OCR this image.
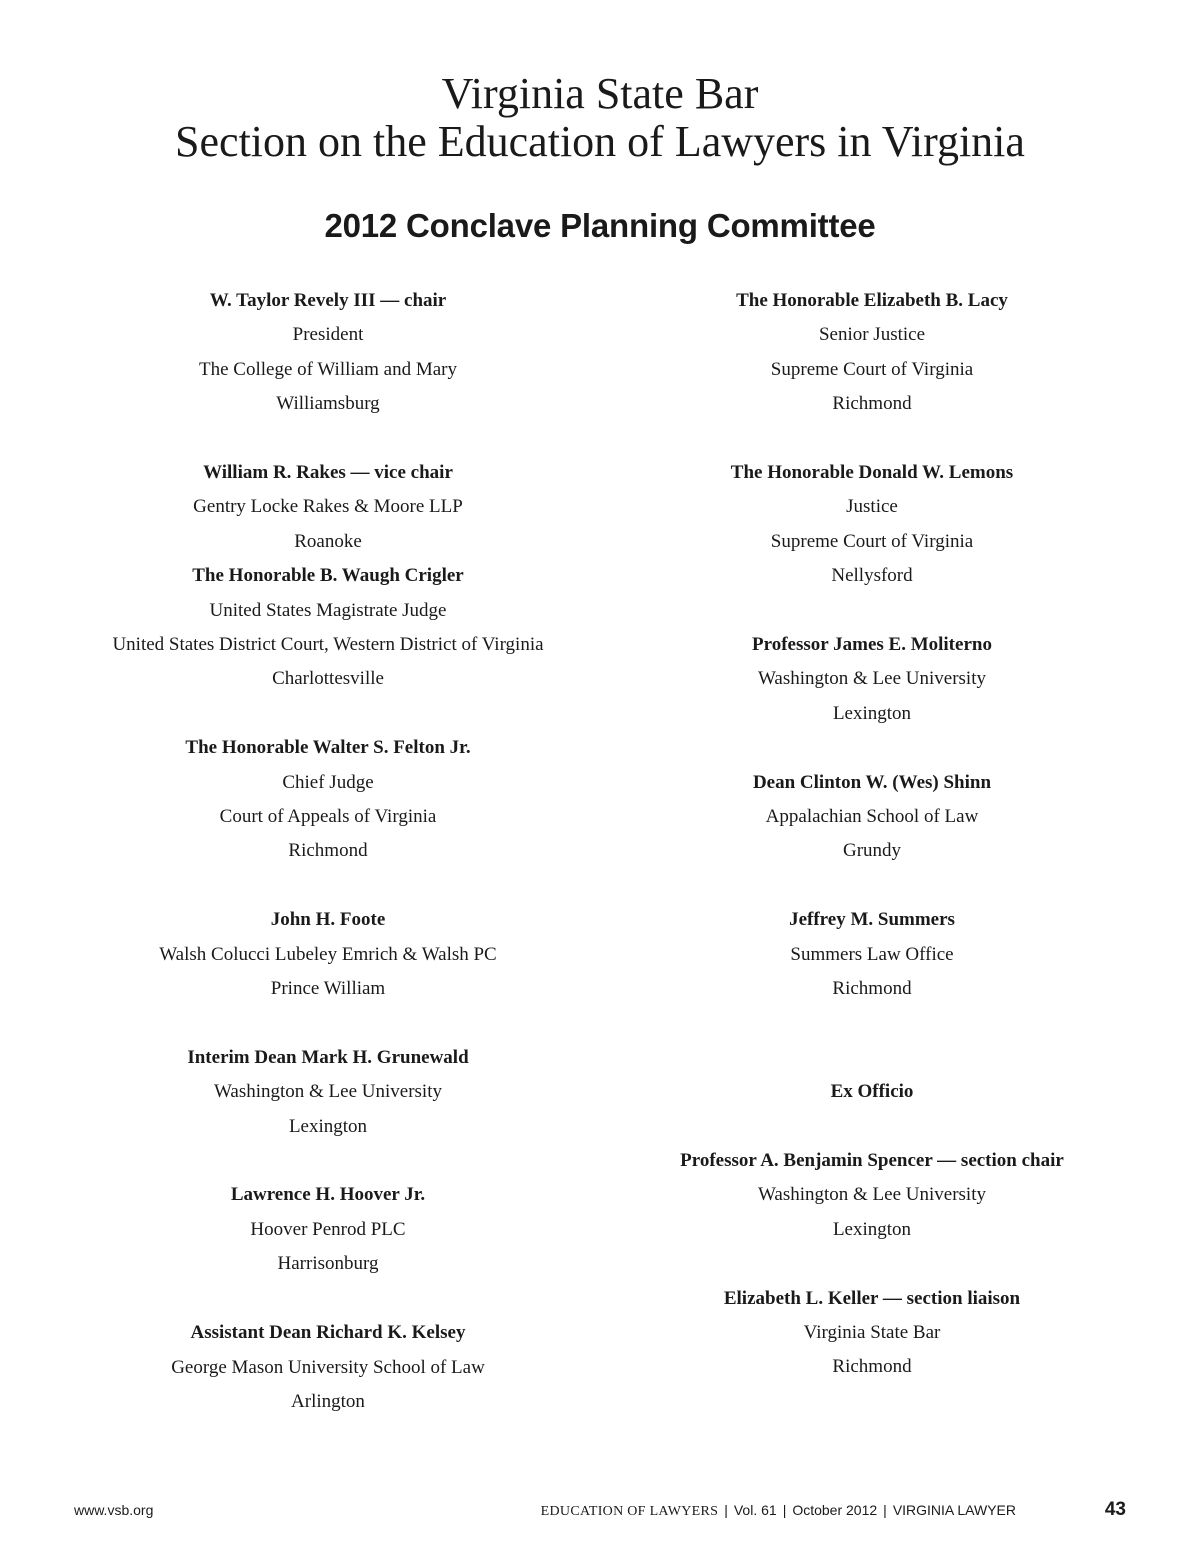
Virginia State Bar
Section on the Education of Lawyers in Virginia
2012 Conclave Planning Committee
W. Taylor Revely III — chair
President
The College of William and Mary
Williamsburg
William R. Rakes — vice chair
Gentry Locke Rakes & Moore LLP
Roanoke
The Honorable B. Waugh Crigler
United States Magistrate Judge
United States District Court, Western District of Virginia
Charlottesville
The Honorable Walter S. Felton Jr.
Chief Judge
Court of Appeals of Virginia
Richmond
John H. Foote
Walsh Colucci Lubeley Emrich & Walsh PC
Prince William
Interim Dean Mark H. Grunewald
Washington & Lee University
Lexington
Lawrence H. Hoover Jr.
Hoover Penrod PLC
Harrisonburg
Assistant Dean Richard K. Kelsey
George Mason University School of Law
Arlington
The Honorable Elizabeth B. Lacy
Senior Justice
Supreme Court of Virginia
Richmond
The Honorable Donald W. Lemons
Justice
Supreme Court of Virginia
Nellysford
Professor James E. Moliterno
Washington & Lee University
Lexington
Dean Clinton W. (Wes) Shinn
Appalachian School of Law
Grundy
Jeffrey M. Summers
Summers Law Office
Richmond
Ex Officio
Professor A. Benjamin Spencer — section chair
Washington & Lee University
Lexington
Elizabeth L. Keller — section liaison
Virginia State Bar
Richmond
www.vsb.org	EDUCATION OF LAWYERS | Vol. 61 | October 2012 | VIRGINIA LAWYER	43
